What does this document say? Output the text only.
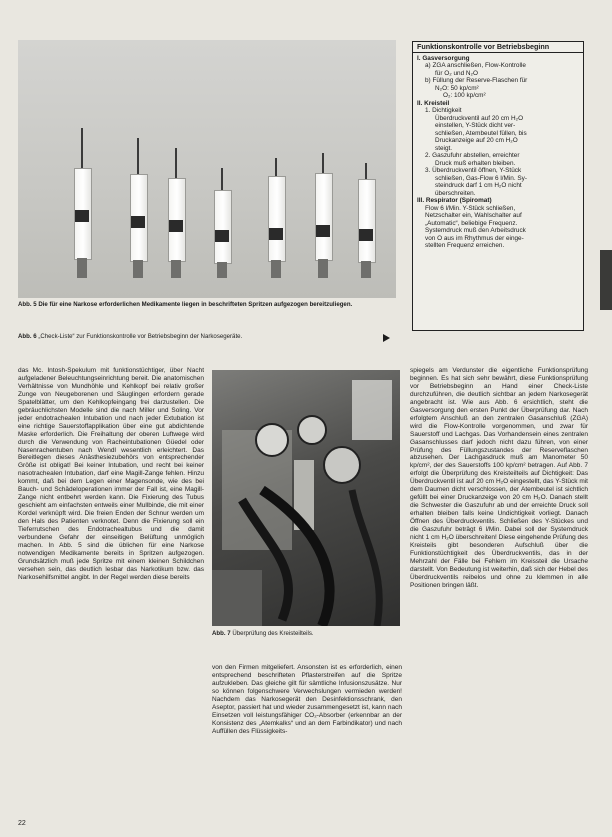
Abb. 5 Die für eine Narkose erforderlichen Medikamente liegen in beschrifteten Spritzen aufgezogen bereitzuliegen.
Abb. 6 „Check-Liste“ zur Funktionskontrolle vor Betriebsbeginn der Narkosegeräte.
Funktionskontrolle vor Betriebsbeginn
I. Gasversorgung
a) ZGA anschließen, Flow-Kontrolle
für O₂ und N₂O
b) Füllung der Reserve-Flaschen für
N₂O: 50 kp/cm²
O₂: 100 kp/cm²
II. Kreisteil
1. Dichtigkeit
Überdruckventil auf 20 cm H₂O
einstellen, Y-Stück dicht ver-
schließen, Atembeutel füllen, bis
Druckanzeige auf 20 cm H₂O
steigt.
2. Gaszufuhr abstellen, erreichter
Druck muß erhalten bleiben.
3. Überdruckventil öffnen, Y-Stück
schließen, Gas-Flow 6 l/Min. Sy-
steindruck darf 1 cm H₂O nicht
überschreiten.
III. Respirator (Spiromat)
Flow 6 l/Min. Y-Stück schließen,
Netzschalter ein, Wahlschalter auf
„Automatic“, beliebige Frequenz.
Systemdruck muß den Arbeitsdruck
von O aus im Rhythmus der einge-
stellten Frequenz erreichen.

das Mc. Intosh-Spekulum mit funktionstüchtiger, über Nacht aufgeladener Beleuchtungseinrichtung bereit. Die anatomischen Verhältnisse von Mundhöhle und Kehlkopf bei relativ großer Zunge von Neugeborenen und Säuglingen erfordern gerade Spatelblätter, um den Kehlkopfeingang frei darzustellen. Die gebräuchlichsten Modelle sind die nach Miller und Soling. Vor jeder endotrachealen Intubation und nach jeder Extubation ist eine richtige Sauerstoffapplikation über eine gut abdichtende Maske erforderlich. Die Freihaltung der oberen Luftwege wird durch die Verwendung von Racheintubationen Güedel oder Nasenrachentuben nach Wendl wesentlich erleichtert. Das Bereitlegen dieses Anästhesiezubehörs von entsprechender Größe ist obligat! Bei keiner Intubation, und recht bei keiner nasotrachealen Intubation, darf eine Magill-Zange fehlen. Hinzu kommt, daß bei dem Legen einer Magensonde, wie des bei Bauch- und Schädeloperationen immer der Fall ist, eine Magill-Zange nicht entbehrt werden kann. Die Fixierung des Tubus geschieht am einfachsten entweils einer Mullbinde, die mit einer Kordel verknüpft wird. Die freien Enden der Schnur werden um den Hals des Patienten verknotet. Denn die Fixierung soll ein Tieferrutschen des Endotrachealtubus und die damit verbundene Gefahr der einseitigen Belüftung unmöglich machen. In Abb. 5 sind die üblichen für eine Narkose notwendigen Medikamente bereits in Spritzen aufgezogen. Grundsätzlich muß jede Spritze mit einem kleinen Schildchen versehen sein, das deutlich lesbar das Narkotikum bzw. das Narkosehilfsmittel angibt. In der Regel werden diese bereits

Abb. 7 Überprüfung des Kreisteilteils.

von den Firmen mitgeliefert. Ansonsten ist es erforderlich, einen entsprechend beschrifteten Pflasterstreifen auf die Spritze aufzukleben. Das gleiche gilt für sämtliche Infusionszusätze. Nur so können folgenschwere Verwechslungen vermieden werden! Nachdem das Narkosegerät den Desinfektionsschrank, den Aseptor, passiert hat und wieder zusammengesetzt ist, kann nach Einsetzen voll leistungsfähiger CO₂-Absorber (erkennbar an der Konsistenz des „Atemkalks“ und an dem Farbindikator) und nach Auffüllen des Flüssigkeits-

spiegels am Verdunster die eigentliche Funktionsprüfung beginnen. Es hat sich sehr bewährt, diese Funktionsprüfung vor Betriebsbeginn an Hand einer Check-Liste durchzuführen, die deutlich sichtbar an jedem Narkosegerät angebracht ist. Wie aus Abb. 6 ersichtlich, steht die Gasversorgung den ersten Punkt der Überprüfung dar. Nach erfolgtem Anschluß an den zentralen Gasanschluß (ZGA) wird die Flow-Kontrolle vorgenommen, und zwar für Sauerstoff und Lachgas. Das Vorhandensein eines zentralen Gasanschlusses darf jedoch nicht dazu führen, von einer Prüfung des Füllungszustandes der Reserveflaschen abzusehen. Der Lachgasdruck muß am Manometer 50 kp/cm², der des Sauerstoffs 100 kp/cm² betragen. Auf Abb. 7 erfolgt die Überprüfung des Kreisteilteils auf Dichtigkeit: Das Überdruckventil ist auf 20 cm H₂O eingestellt, das Y-Stück mit dem Daumen dicht verschlossen, der Atembeutel ist sichtlich gefüllt bei einer Druckanzeige von 20 cm H₂O. Danach stellt die Schwester die Gaszufuhr ab und der erreichte Druck soll erhalten bleiben falls keine Undichtigkeit vorliegt. Danach Öffnen des Überdruckventils. Schließen des Y-Stückes und die Gaszufuhr beträgt 6 l/Min. Dabei soll der Systemdruck nicht 1 cm H₂O überschreiten! Diese eingehende Prüfung des Kreisteils gibt besonderen Aufschluß über die Funktionstüchtigkeit des Überdruckventils, das in der Mehrzahl der Fälle bei Fehlern im Kreissteil die Ursache darstellt. Von Bedeutung ist weiterhin, daß sich der Hebel des Überdruckventils reibelos und ohne zu klemmen in alle Positionen bringen läßt.

22
